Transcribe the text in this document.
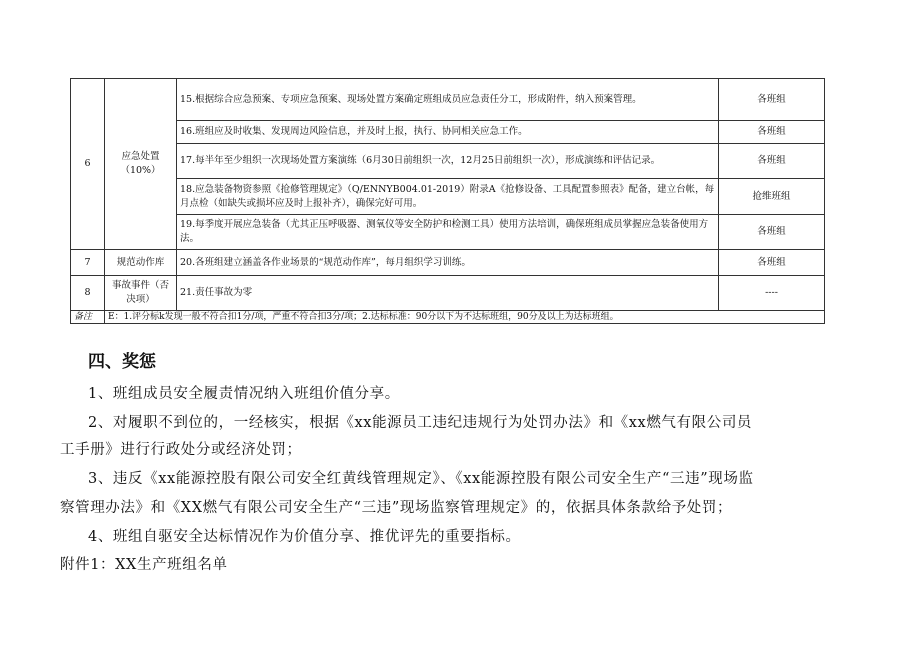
6	应急处置（10%）	15.根据综合应急预案、专项应急预案、现场处置方案确定班组成员应急责任分工，形成附件，纳入预案管理。	各班组
		16.班组应及时收集、发现周边风险信息，并及时上报，执行、协同相关应急工作。	各班组
		17.每半年至少组织一次现场处置方案演练（6月30日前组织一次，12月25日前组织一次），形成演练和评估记录。	各班组
		18.应急装备物资参照《抢修管理规定》（Q/ENNYB004.01-2019）附录A《抢修设备、工具配置参照表》配备，建立台帐，每月点检（如缺失或损坏应及时上报补齐），确保完好可用。	抢维班组
		19.每季度开展应急装备（尤其正压呼吸器、测氧仪等安全防护和检测工具）使用方法培训，确保班组成员掌握应急装备使用方法。	各班组
7	规范动作库	20.各班组建立涵盖各作业场景的“规范动作库”，每月组织学习训练。	各班组
8	事故事件（否决项）	21.责任事故为零	----
备注	E：1.评分标k发现一般不符合扣1分/项，严重不符合扣3分/项；2.达标标准：90分以下为不达标班组，90分及以上为达标班组。		
四、奖惩
1、班组成员安全履责情况纳入班组价值分享。
2、对履职不到位的，一经核实，根据《xx能源员工违纪违规行为处罚办法》和《xx燃气有限公司员
工手册》进行行政处分或经济处罚；
3、违反《xx能源控股有限公司安全红黄线管理规定》、《xx能源控股有限公司安全生产“三违”现场监
察管理办法》和《XX燃气有限公司安全生产“三违”现场监察管理规定》的，依据具体条款给予处罚；
4、班组自驱安全达标情况作为价值分享、推优评先的重要指标。
附件1：XX生产班组名单
